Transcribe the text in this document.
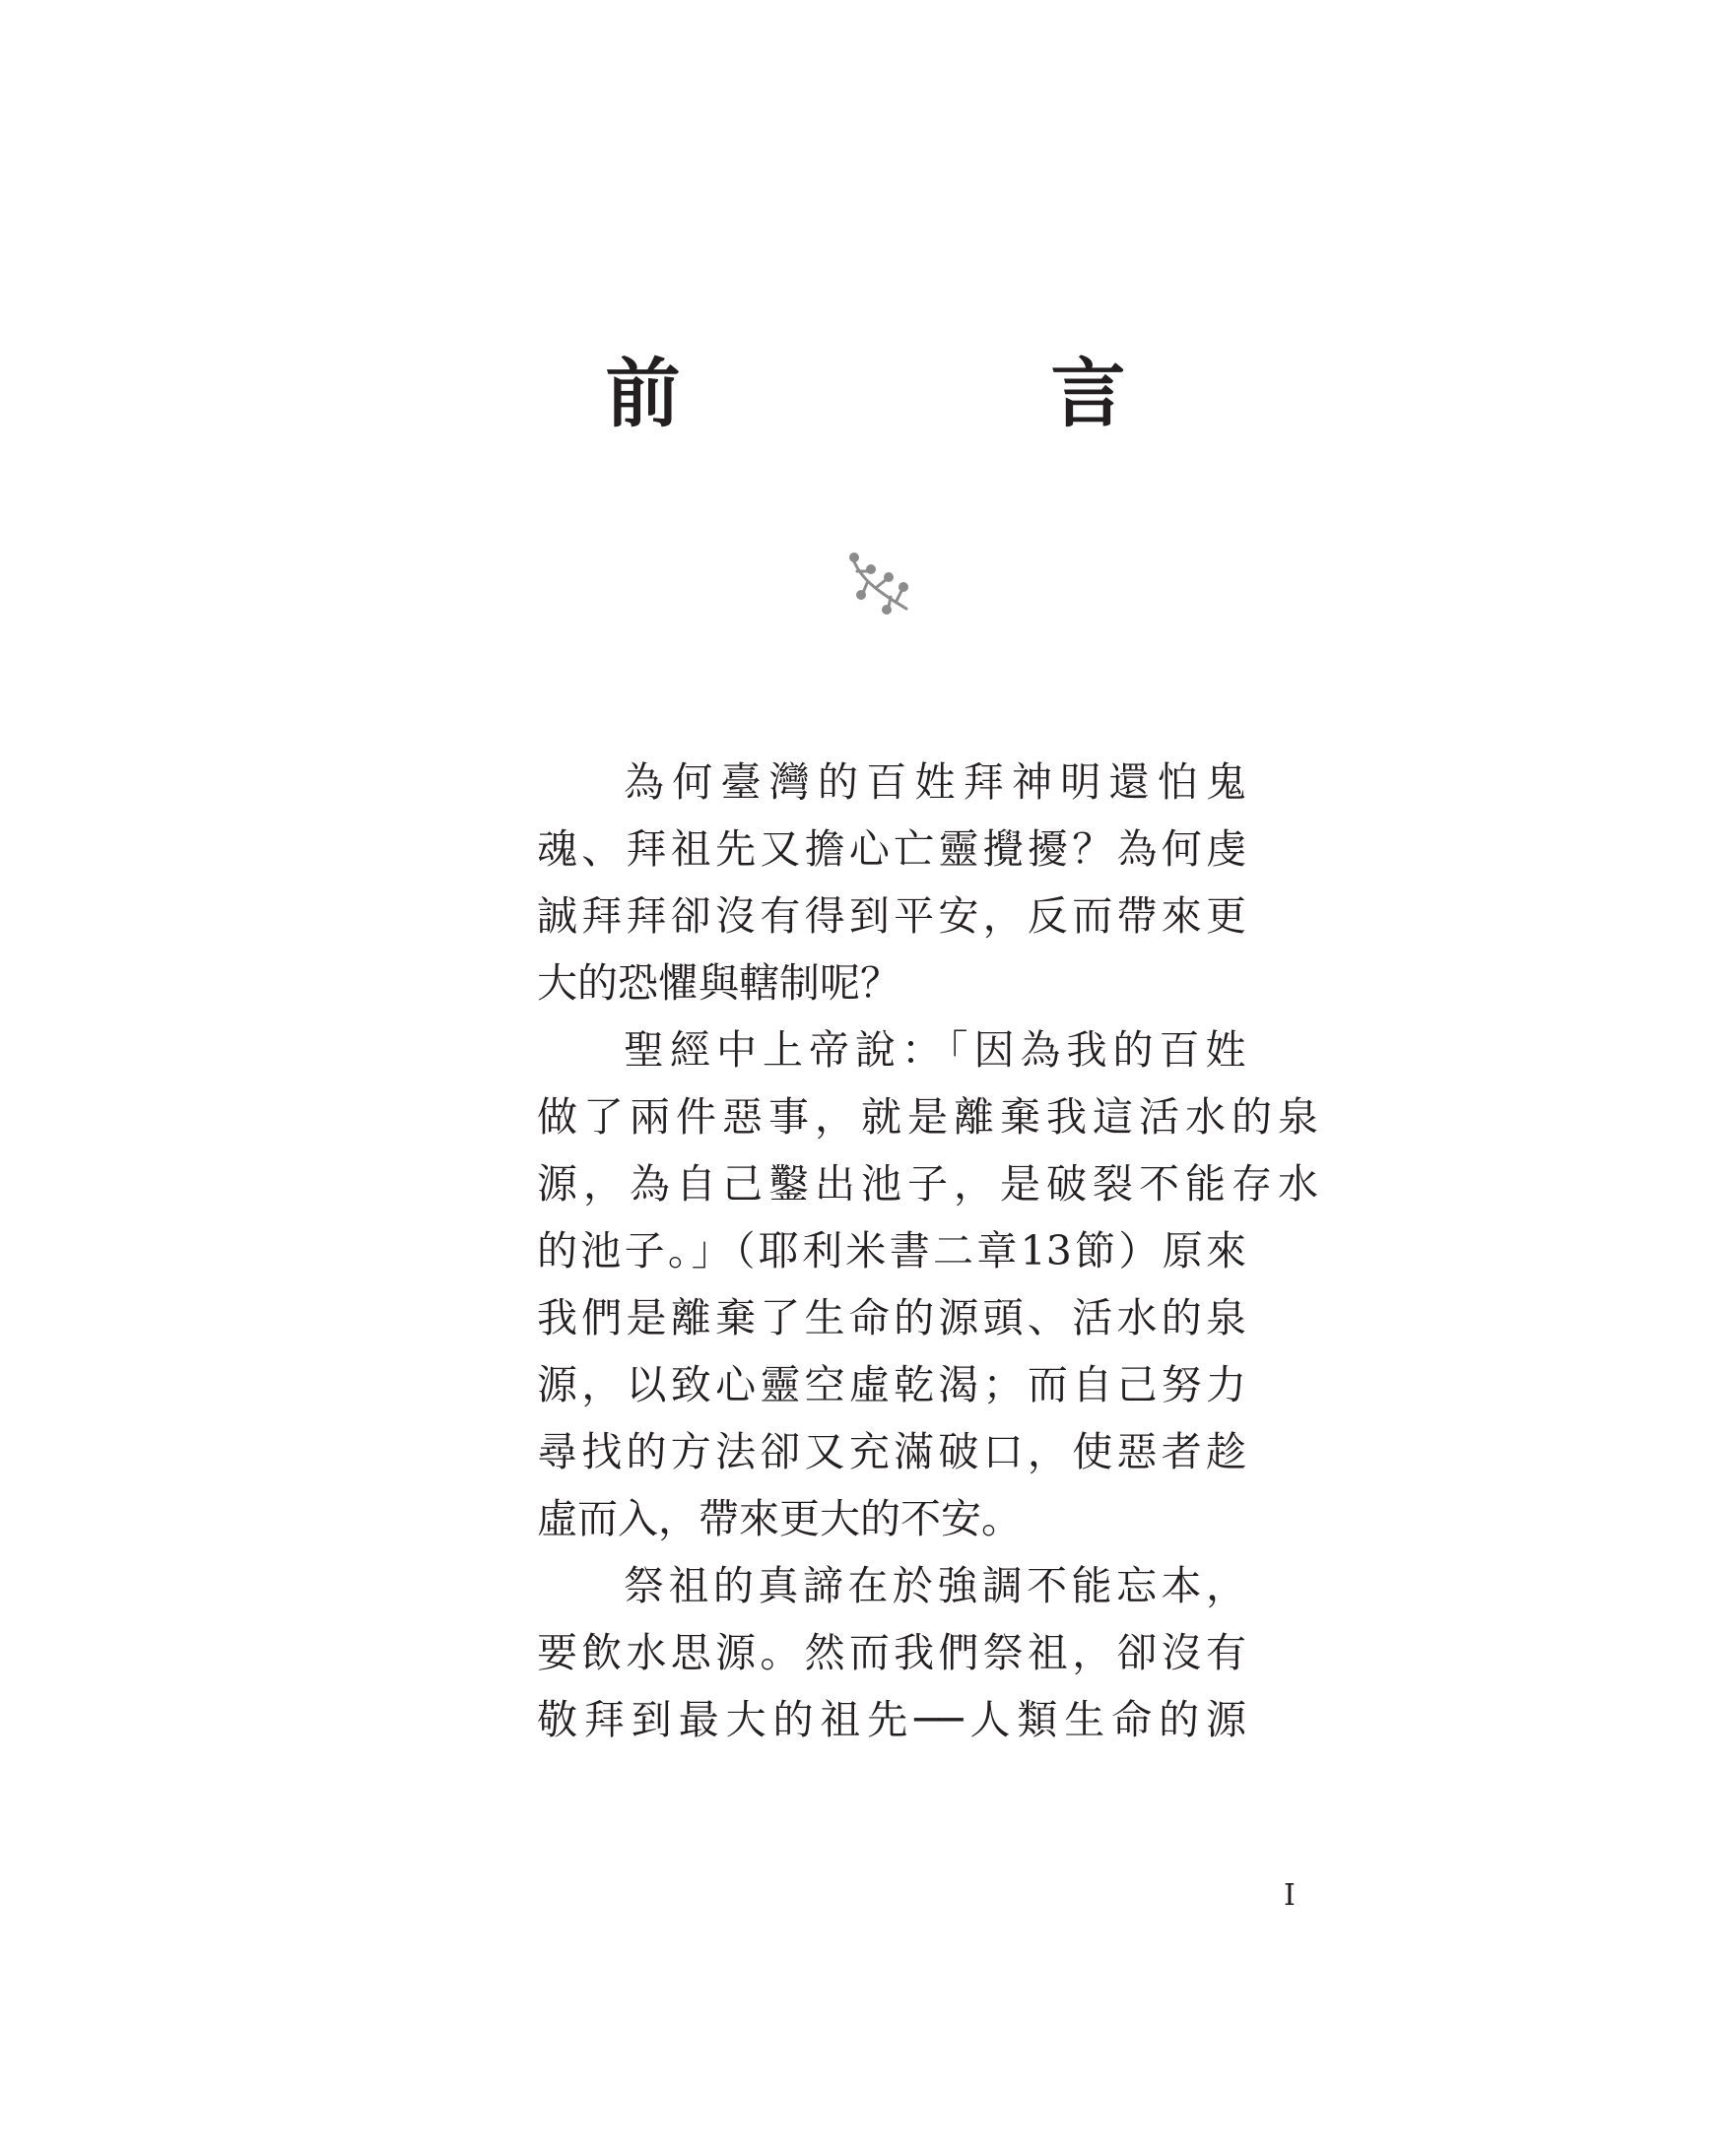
前　言

為何臺灣的百姓拜神明還怕鬼
魂、拜祖先又擔心亡靈攪擾？為何虔
誠拜拜卻沒有得到平安，反而帶來更
大的恐懼與轄制呢？

聖經中上帝說：「因為我的百姓
做了兩件惡事，就是離棄我這活水的泉
源，為自己鑿出池子，是破裂不能存水
的池子。」（耶利米書二章13節）原來
我們是離棄了生命的源頭、活水的泉
源，以致心靈空虛乾渴；而自己努力
尋找的方法卻又充滿破口，使惡者趁
虛而入，帶來更大的不安。

祭祖的真諦在於強調不能忘本，
要飲水思源。然而我們祭祖，卻沒有
敬拜到最大的祖先──人類生命的源

I
